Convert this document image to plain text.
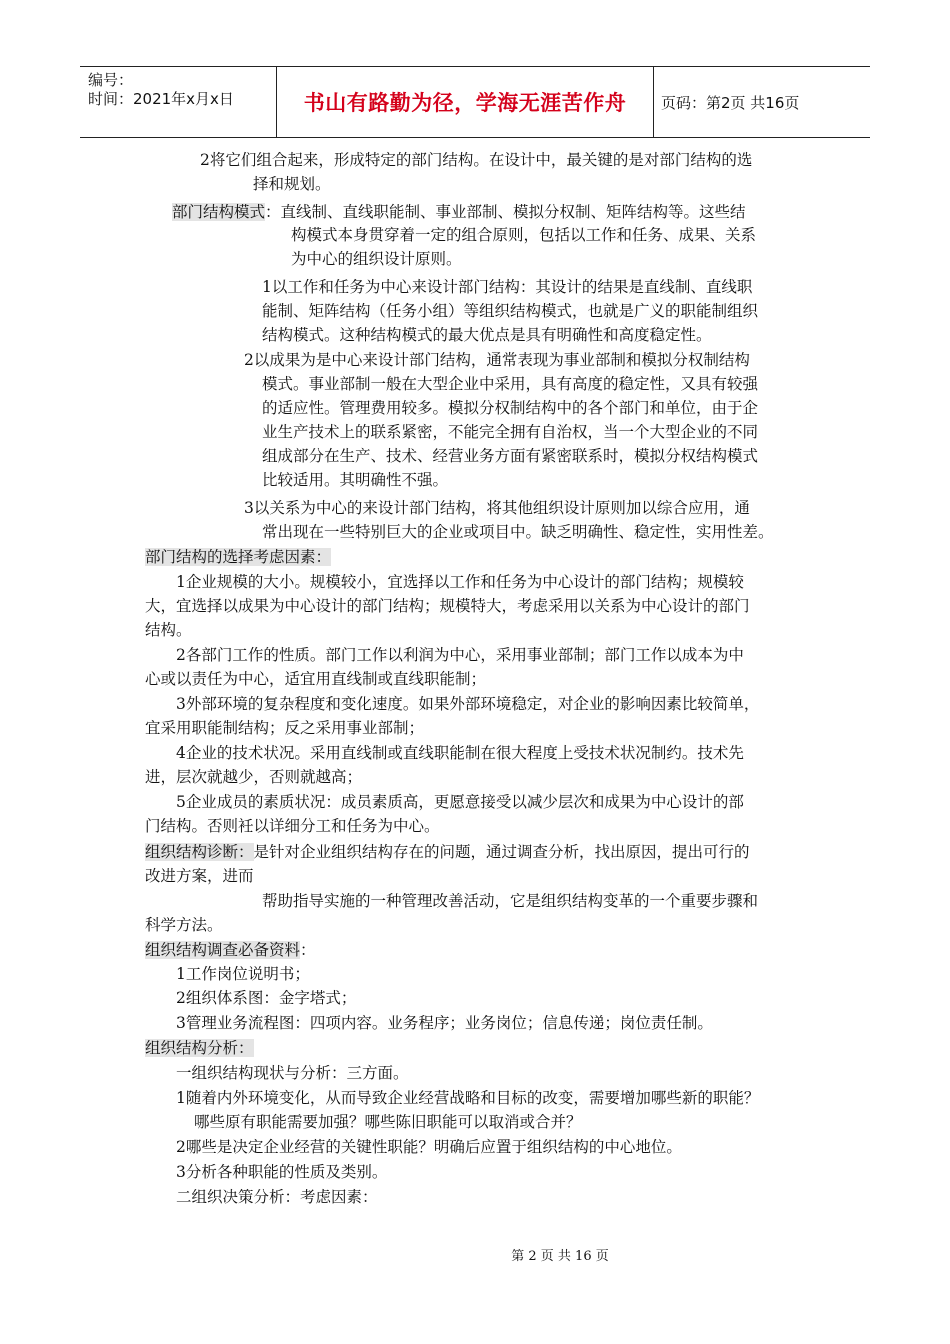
编号：
时间：2021年x月x日	书山有路勤为径，学海无涯苦作舟	页码：第2页 共16页
2将它们组合起来，形成特定的部门结构。在设计中，最关键的是对部门结构的选
择和规划。
部门结构模式：直线制、直线职能制、事业部制、模拟分权制、矩阵结构等。这些结
构模式本身贯穿着一定的组合原则，包括以工作和任务、成果、关系
为中心的组织设计原则。
1以工作和任务为中心来设计部门结构：其设计的结果是直线制、直线职
能制、矩阵结构（任务小组）等组织结构模式，也就是广义的职能制组织
结构模式。这种结构模式的最大优点是具有明确性和高度稳定性。
2以成果为是中心来设计部门结构，通常表现为事业部制和模拟分权制结构
模式。事业部制一般在大型企业中采用，具有高度的稳定性，又具有较强
的适应性。管理费用较多。模拟分权制结构中的各个部门和单位，由于企
业生产技术上的联系紧密，不能完全拥有自治权，当一个大型企业的不同
组成部分在生产、技术、经营业务方面有紧密联系时，模拟分权结构模式
比较适用。其明确性不强。
3以关系为中心的来设计部门结构，将其他组织设计原则加以综合应用，通
常出现在一些特别巨大的企业或项目中。缺乏明确性、稳定性，实用性差。
部门结构的选择考虑因素：
1企业规模的大小。规模较小，宜选择以工作和任务为中心设计的部门结构；规模较
大，宜选择以成果为中心设计的部门结构；规模特大，考虑采用以关系为中心设计的部门
结构。
2各部门工作的性质。部门工作以利润为中心，采用事业部制；部门工作以成本为中
心或以责任为中心，适宜用直线制或直线职能制；
3外部环境的复杂程度和变化速度。如果外部环境稳定，对企业的影响因素比较简单，
宜采用职能制结构；反之采用事业部制；
4企业的技术状况。采用直线制或直线职能制在很大程度上受技术状况制约。技术先
进，层次就越少，否则就越高；
5企业成员的素质状况：成员素质高，更愿意接受以减少层次和成果为中心设计的部
门结构。否则衽以详细分工和任务为中心。
组织结构诊断：是针对企业组织结构存在的问题，通过调查分析，找出原因，提出可行的
改进方案，进而
帮助指导实施的一种管理改善活动，它是组织结构变革的一个重要步骤和
科学方法。
组织结构调查必备资料：
1工作岗位说明书；
2组织体系图：金字塔式；
3管理业务流程图：四项内容。业务程序；业务岗位；信息传递；岗位责任制。
组织结构分析：
一组织结构现状与分析：三方面。
1随着内外环境变化，从而导致企业经营战略和目标的改变，需要增加哪些新的职能？
哪些原有职能需要加强？哪些陈旧职能可以取消或合并？
2哪些是决定企业经营的关键性职能？明确后应置于组织结构的中心地位。
3分析各种职能的性质及类别。
二组织决策分析：考虑因素：
第 2 页 共 16 页
